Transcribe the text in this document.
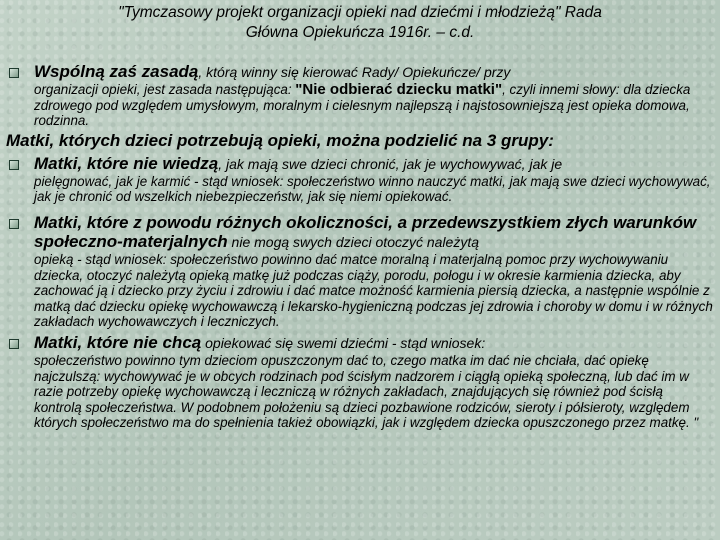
"Tymczasowy projekt organizacji opieki nad dziećmi i młodzieżą" Rada
Główna Opiekuńcza 1916r. – c.d.
Wspólną zaś zasadą, którą winny się kierować Rady/ Opiekuńcze/ przy
organizacji opieki, jest zasada następująca: "Nie odbierać dziecku matki", czyli innemi słowy: dla dziecka zdrowego pod względem umysłowym, moralnym i cielesnym najlepszą i najstosowniejszą jest opieka domowa, rodzinna.
Matki, których dzieci potrzebują opieki, można podzielić na 3 grupy:
Matki, które nie wiedzą, jak mają swe dzieci chronić, jak je wychowywać, jak je
pielęgnować, jak je karmić - stąd wniosek: społeczeństwo winno nauczyć matki, jak mają swe dzieci wychowywać, jak je chronić od wszelkich niebezpieczeństw, jak się niemi opiekować.
Matki, które z powodu różnych okoliczności, a przedewszystkiem złych warunków społeczno-materjalnych nie mogą swych dzieci otoczyć należytą
opieką - stąd wniosek: społeczeństwo powinno dać matce moralną i materjalną pomoc przy wychowywaniu dziecka, otoczyć należytą opieką matkę już podczas ciąży, porodu, połogu i w okresie karmienia dziecka, aby zachować ją i dziecko przy życiu i zdrowiu i dać matce możność karmienia piersią dziecka, a następnie wspólnie z matką dać dziecku opiekę wychowawczą i lekarsko-hygieniczną podczas jej zdrowia i choroby w domu i w różnych zakładach wychowawczych i leczniczych.
Matki, które nie chcą opiekować się swemi dziećmi - stąd wniosek:
społeczeństwo powinno tym dzieciom opuszczonym dać to, czego matka im dać nie chciała, dać opiekę najczulszą: wychowywać je w obcych rodzinach pod ścisłym nadzorem i ciągłą opieką społeczną, lub dać im w razie potrzeby opiekę wychowawczą i leczniczą w różnych zakładach, znajdujących się również pod ścisłą kontrolą społeczeństwa. W podobnem położeniu są dzieci pozbawione rodziców, sieroty i półsieroty, względem których społeczeństwo ma do spełnienia takież obowiązki, jak i względem dziecka opuszczonego przez matkę. "
